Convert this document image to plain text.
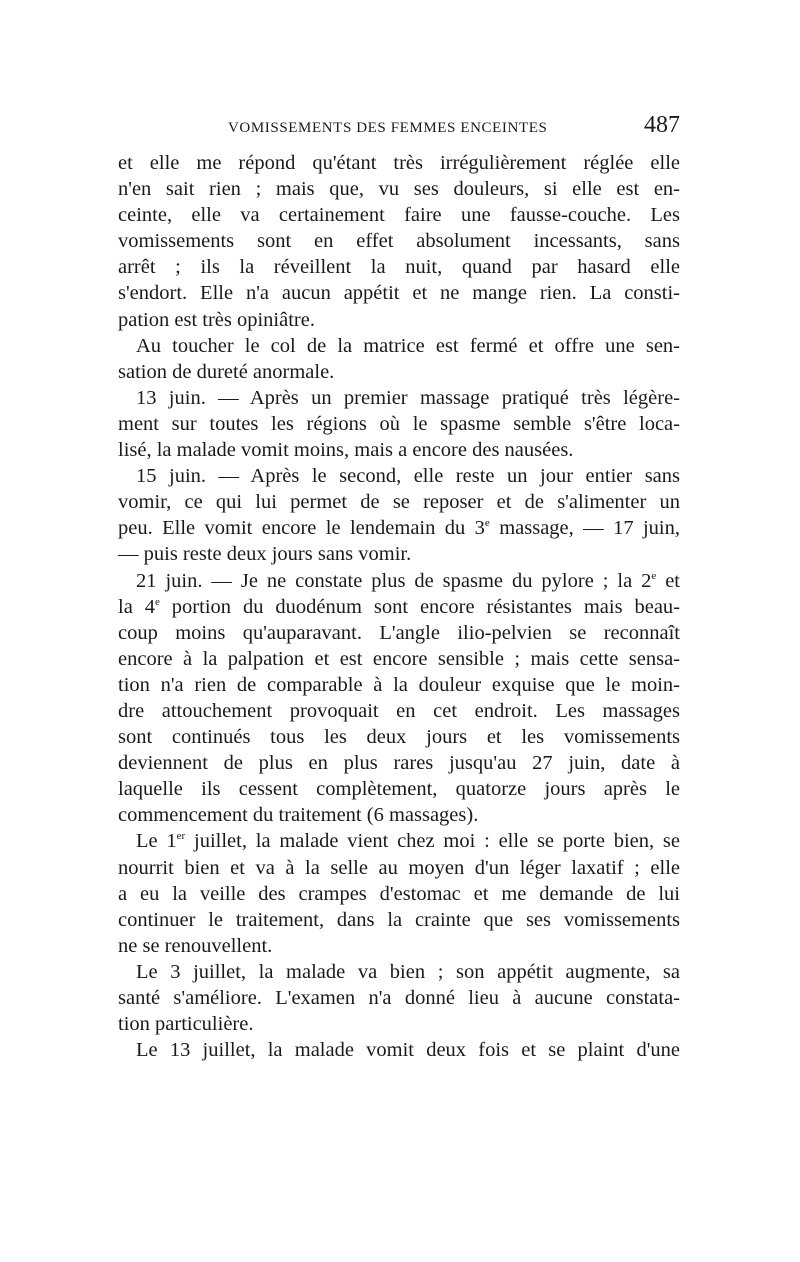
VOMISSEMENTS DES FEMMES ENCEINTES	487

et elle me répond qu'étant très irrégulièrement réglée elle
n'en sait rien ; mais que, vu ses douleurs, si elle est en-
ceinte, elle va certainement faire une fausse-couche. Les
vomissements sont en effet absolument incessants, sans
arrêt ; ils la réveillent la nuit, quand par hasard elle
s'endort. Elle n'a aucun appétit et ne mange rien. La consti-
pation est très opiniâtre.

Au toucher le col de la matrice est fermé et offre une sen-
sation de dureté anormale.

13 juin. — Après un premier massage pratiqué très légère-
ment sur toutes les régions où le spasme semble s'être loca-
lisé, la malade vomit moins, mais a encore des nausées.

15 juin. — Après le second, elle reste un jour entier sans
vomir, ce qui lui permet de se reposer et de s'alimenter un
peu. Elle vomit encore le lendemain du 3e massage, — 17 juin,
— puis reste deux jours sans vomir.

21 juin. — Je ne constate plus de spasme du pylore ; la 2e et
la 4e portion du duodénum sont encore résistantes mais beau-
coup moins qu'auparavant. L'angle ilio-pelvien se reconnaît
encore à la palpation et est encore sensible ; mais cette sensa-
tion n'a rien de comparable à la douleur exquise que le moin-
dre attouchement provoquait en cet endroit. Les massages
sont continués tous les deux jours et les vomissements
deviennent de plus en plus rares jusqu'au 27 juin, date à
laquelle ils cessent complètement, quatorze jours après le
commencement du traitement (6 massages).

Le 1er juillet, la malade vient chez moi : elle se porte bien, se
nourrit bien et va à la selle au moyen d'un léger laxatif ; elle
a eu la veille des crampes d'estomac et me demande de lui
continuer le traitement, dans la crainte que ses vomissements
ne se renouvellent.

Le 3 juillet, la malade va bien ; son appétit augmente, sa
santé s'améliore. L'examen n'a donné lieu à aucune constata-
tion particulière.

Le 13 juillet, la malade vomit deux fois et se plaint d'une
